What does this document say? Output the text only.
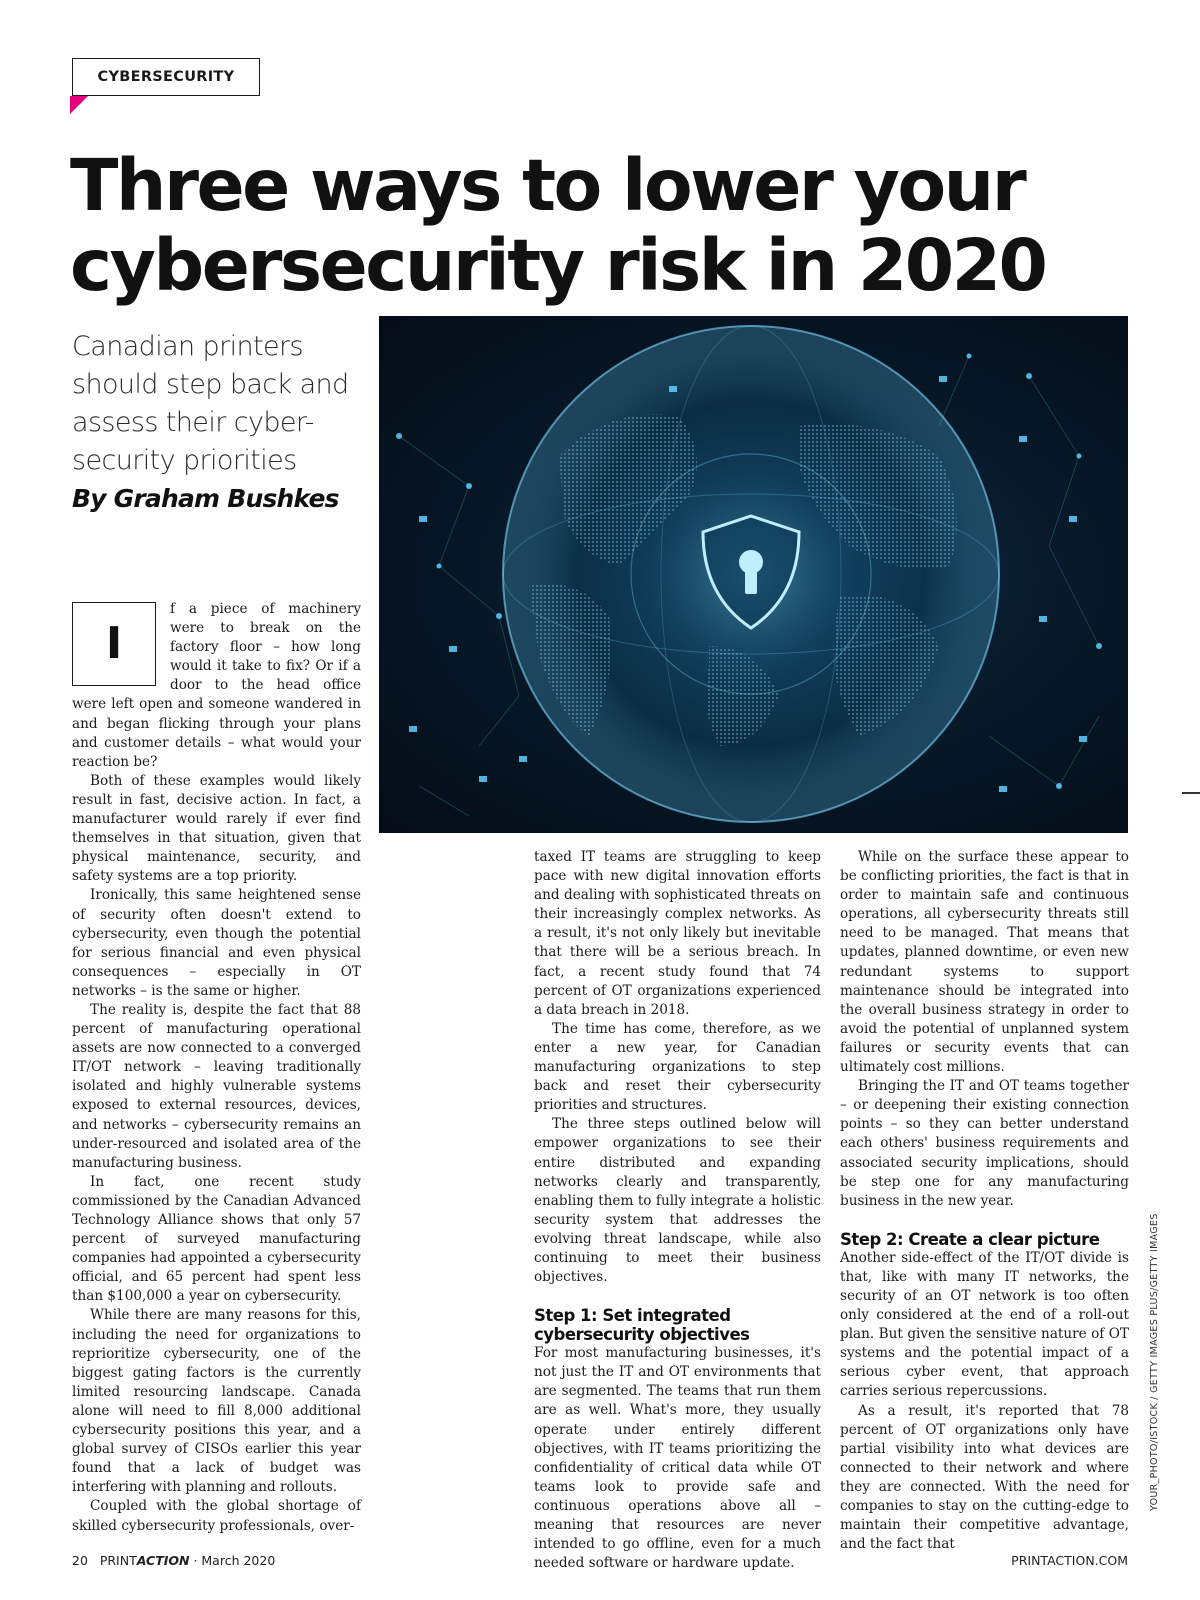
CYBERSECURITY
Three ways to lower your
cybersecurity risk in 2020
Canadian printers
should step back and
assess their cyber-
security priorities
By Graham Bushkes
I

f a piece of machinery were to break on the factory floor – how long would it take to fix? Or if a door to the head office were left open and someone wandered in and began flicking through your plans and customer details – what would your reaction be?

Both of these examples would likely result in fast, decisive action. In fact, a manufacturer would rarely if ever find themselves in that situation, given that physical maintenance, security, and safety systems are a top priority.

Ironically, this same heightened sense of security often doesn't extend to cybersecurity, even though the potential for serious financial and even physical consequences – especially in OT networks – is the same or higher.

The reality is, despite the fact that 88 percent of manufacturing operational assets are now connected to a converged IT/OT network – leaving traditionally isolated and highly vulnerable systems exposed to external resources, devices, and networks – cybersecurity remains an under-resourced and isolated area of the manufacturing business.

In fact, one recent study commissioned by the Canadian Advanced Technology Alliance shows that only 57 percent of surveyed manufacturing companies had appointed a cybersecurity official, and 65 percent had spent less than $100,000 a year on cybersecurity.

While there are many reasons for this, including the need for organizations to reprioritize cybersecurity, one of the biggest gating factors is the currently limited resourcing landscape. Canada alone will need to fill 8,000 additional cybersecurity positions this year, and a global survey of CISOs earlier this year found that a lack of budget was interfering with planning and rollouts.

Coupled with the global shortage of skilled cybersecurity professionals, over-

taxed IT teams are struggling to keep pace with new digital innovation efforts and dealing with sophisticated threats on their increasingly complex networks. As a result, it's not only likely but inevitable that there will be a serious breach. In fact, a recent study found that 74 percent of OT organizations experienced a data breach in 2018.

The time has come, therefore, as we enter a new year, for Canadian manufacturing organizations to step back and reset their cybersecurity priorities and structures.

The three steps outlined below will empower organizations to see their entire distributed and expanding networks clearly and transparently, enabling them to fully integrate a holistic security system that addresses the evolving threat landscape, while also continuing to meet their business objectives.

Step 1: Set integrated cybersecurity objectives

For most manufacturing businesses, it's not just the IT and OT environments that are segmented. The teams that run them are as well. What's more, they usually operate under entirely different objectives, with IT teams prioritizing the confidentiality of critical data while OT teams look to provide safe and continuous operations above all – meaning that resources are never intended to go offline, even for a much needed software or hardware update.

While on the surface these appear to be conflicting priorities, the fact is that in order to maintain safe and continuous operations, all cybersecurity threats still need to be managed. That means that updates, planned downtime, or even new redundant systems to support maintenance should be integrated into the overall business strategy in order to avoid the potential of unplanned system failures or security events that can ultimately cost millions.

Bringing the IT and OT teams together – or deepening their existing connection points – so they can better understand each others' business requirements and associated security implications, should be step one for any manufacturing business in the new year.

Step 2: Create a clear picture

Another side-effect of the IT/OT divide is that, like with many IT networks, the security of an OT network is too often only considered at the end of a roll-out plan. But given the sensitive nature of OT systems and the potential impact of a serious cyber event, that approach carries serious repercussions.

As a result, it's reported that 78 percent of OT organizations only have partial visibility into what devices are connected to their network and where they are connected. With the need for companies to stay on the cutting-edge to maintain their competitive advantage, and the fact that

YOUR_PHOTO/ISTOCK / GETTY IMAGES PLUS/GETTY IMAGES
20 PRINTACTION · March 2020	PRINTACTION.COM
